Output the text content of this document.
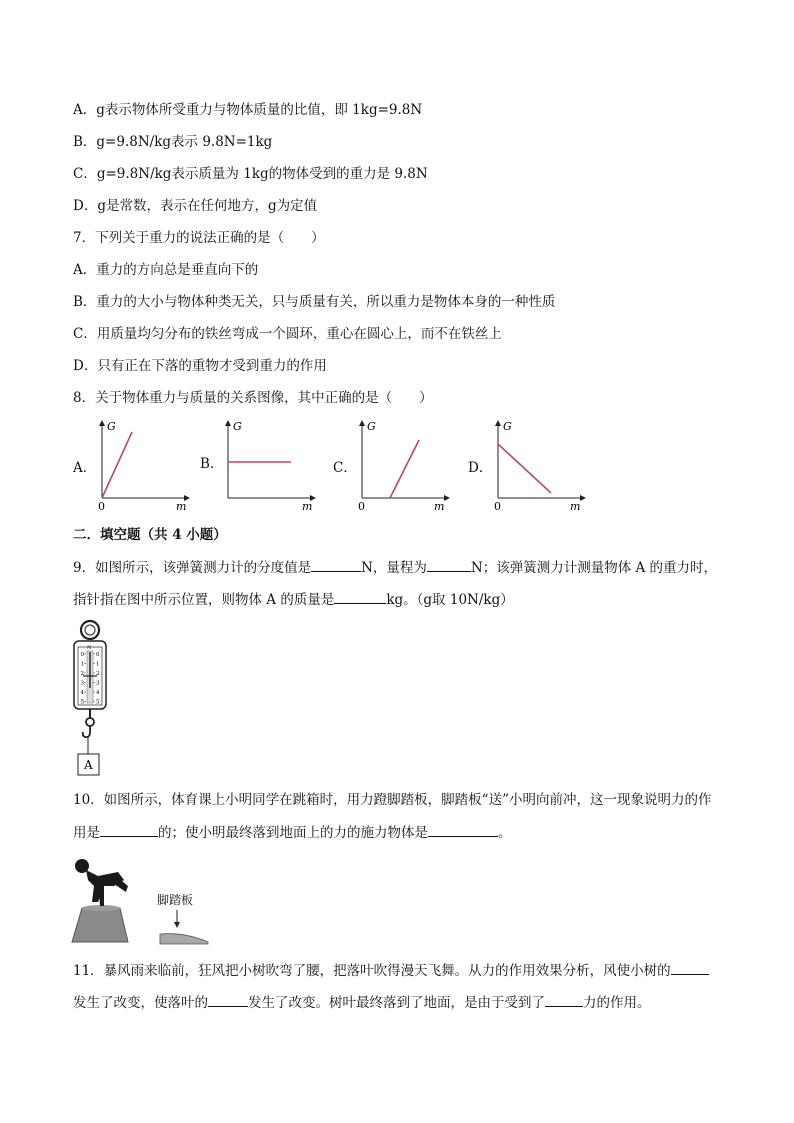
A．g表示物体所受重力与物体质量的比值，即 1kg=9.8N
B．g=9.8N/kg表示 9.8N=1kg
C．g=9.8N/kg表示质量为 1kg的物体受到的重力是 9.8N
D．g是常数，表示在任何地方，g为定值
7．下列关于重力的说法正确的是（　　）
A．重力的方向总是垂直向下的
B．重力的大小与物体种类无关，只与质量有关，所以重力是物体本身的一种性质
C．用质量均匀分布的铁丝弯成一个圆环，重心在圆心上，而不在铁丝上
D．只有正在下落的重物才受到重力的作用
8．关于物体重力与质量的关系图像，其中正确的是（　　）
A．	B.	C．	D．
G
m
0
G
m
G
m
0
G
m
0
二．填空题（共 4 小题）
9．如图所示，该弹簧测力计的分度值是	N，量程为	N；该弹簧测力计测量物体 A 的重力时，
指针指在图中所示位置，则物体 A 的质量是	kg。（g取 10N/kg）
N
0 0
1 1
2 2
3 3
4 4
5 5
A
10．如图所示，体育课上小明同学在跳箱时，用力蹬脚踏板，脚踏板“送”小明向前冲，这一现象说明力的作
用是	的；使小明最终落到地面上的力的施力物体是	。
脚踏板
11．暴风雨来临前，狂风把小树吹弯了腰，把落叶吹得漫天飞舞。从力的作用效果分析，风使小树的
发生了改变，使落叶的	发生了改变。树叶最终落到了地面，是由于受到了	力的作用。
